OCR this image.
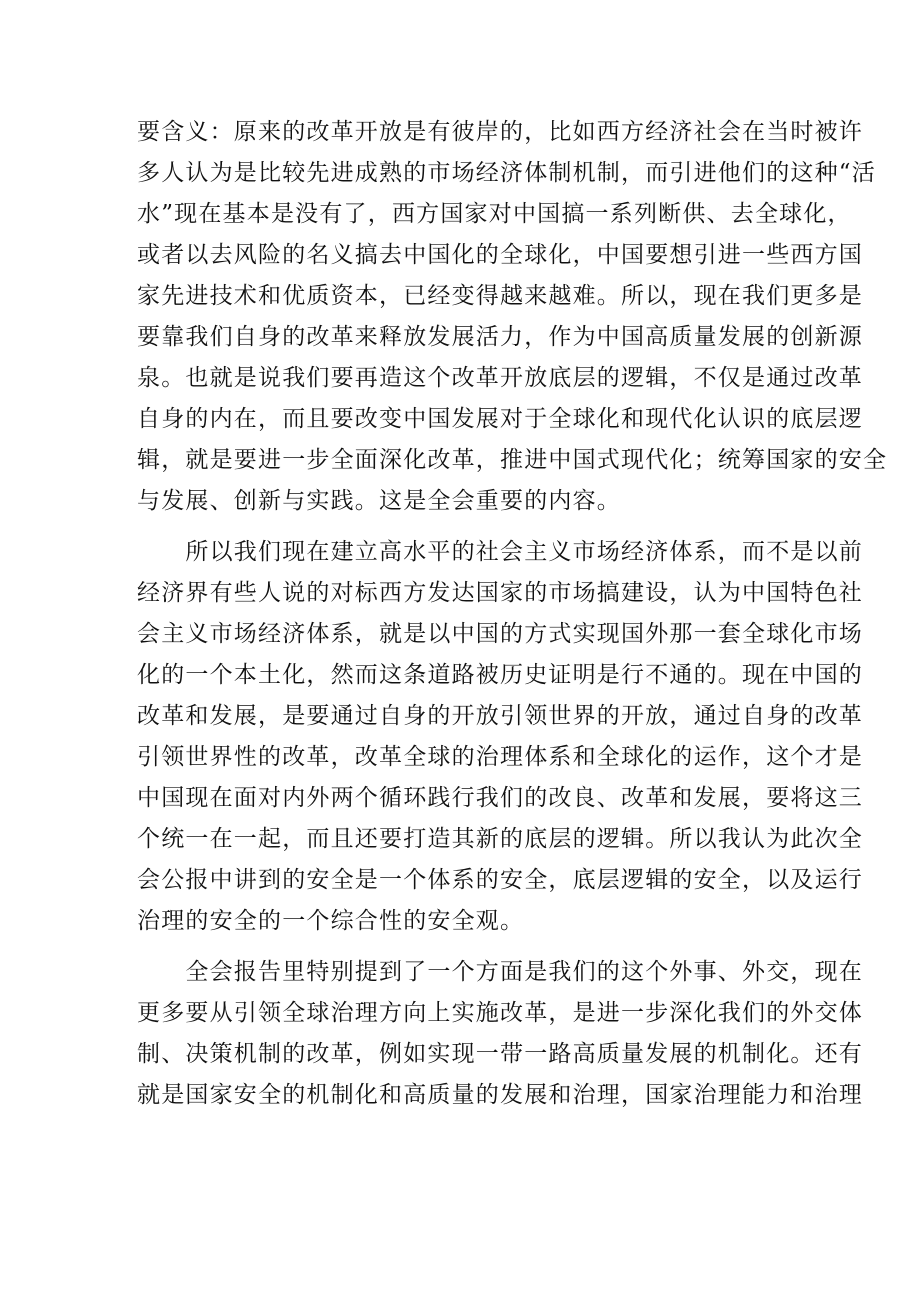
要含义：原来的改革开放是有彼岸的，比如西方经济社会在当时被许
多人认为是比较先进成熟的市场经济体制机制，而引进他们的这种“活
水”现在基本是没有了，西方国家对中国搞一系列断供、去全球化，
或者以去风险的名义搞去中国化的全球化，中国要想引进一些西方国
家先进技术和优质资本，已经变得越来越难。所以，现在我们更多是
要靠我们自身的改革来释放发展活力，作为中国高质量发展的创新源
泉。也就是说我们要再造这个改革开放底层的逻辑，不仅是通过改革
自身的内在，而且要改变中国发展对于全球化和现代化认识的底层逻
辑，就是要进一步全面深化改革，推进中国式现代化；统筹国家的安全
与发展、创新与实践。这是全会重要的内容。
　　所以我们现在建立高水平的社会主义市场经济体系，而不是以前
经济界有些人说的对标西方发达国家的市场搞建设，认为中国特色社
会主义市场经济体系，就是以中国的方式实现国外那一套全球化市场
化的一个本土化，然而这条道路被历史证明是行不通的。现在中国的
改革和发展，是要通过自身的开放引领世界的开放，通过自身的改革
引领世界性的改革，改革全球的治理体系和全球化的运作，这个才是
中国现在面对内外两个循环践行我们的改良、改革和发展，要将这三
个统一在一起，而且还要打造其新的底层的逻辑。所以我认为此次全
会公报中讲到的安全是一个体系的安全，底层逻辑的安全，以及运行
治理的安全的一个综合性的安全观。
　　全会报告里特别提到了一个方面是我们的这个外事、外交，现在
更多要从引领全球治理方向上实施改革，是进一步深化我们的外交体
制、决策机制的改革，例如实现一带一路高质量发展的机制化。还有
就是国家安全的机制化和高质量的发展和治理，国家治理能力和治理
